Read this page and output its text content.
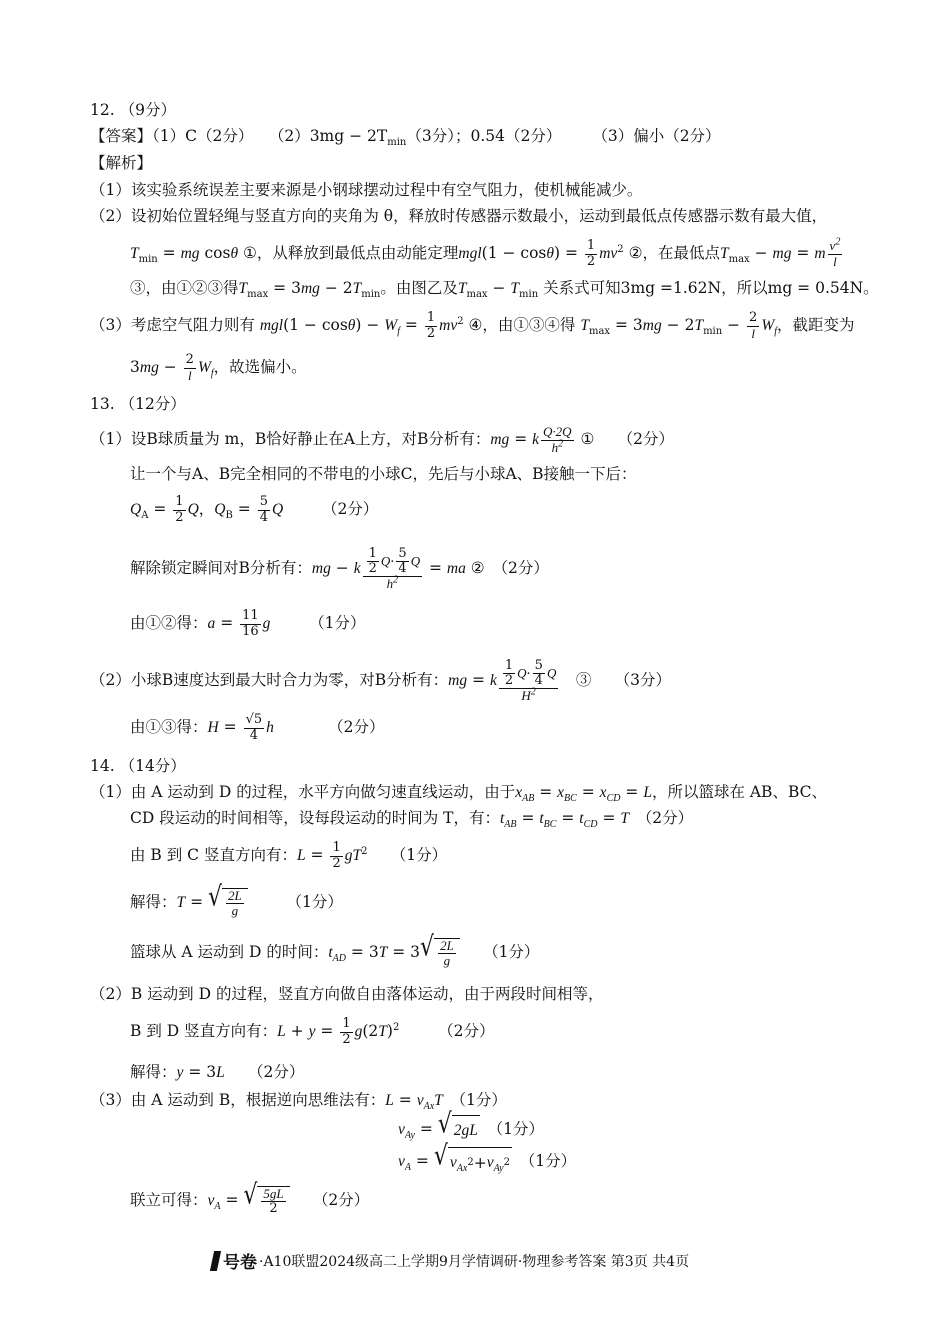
12. （9分）
【答案】（1）C（2分）　　$(2)3mg - 2T_{min}(3$分）；0.54（2分）　　　（3）偏小（2分）
【解析】
（1）该实验系统误差主要来源是小钢球摆动过程中有空气阻力，使机械能减少。
（2）设初始位置轻绳与竖直方向的夹角为 θ，释放时传感器示数最小，运动到最低点传感器示数有最大值，
$T_{min}$ = mg cosθ ①，从释放到最低点由动能定理$mgl(1 - \cos\theta) = \frac{1}{2} mv^2$ ②，在最低点$T_{max}$ − mg = m $\frac{v^2}{l}$
③，由①②③得$T_{max} = 3mg - 2T_{min}$。由图乙及$T_{max} - T_{min}$ 关系式可知3mg =1.62N，所以mg = 0.54N。
（3）考虑空气阻力则有 $mgl(1 - \cos\theta) - W_f = \frac{1}{2} mv^2$ ④，由①③④得 $T_{max} = 3mg - 2T_{min} - \frac{2}{l} W_f$，截距变为
$3mg - \frac{2}{l} W_f$，故选偏小。
13. （12分）
（1）设B球质量为 m，B恰好静止在A上方，对B分析有：mg = k $\frac{Q\cdot 2Q}{h^2}$ ①　　（2分）
让一个与A、B完全相同的不带电的小球C，先后与小球A、B接触一下后：
$Q_A = \frac{1}{2}$ Q，$Q_B = \frac{5}{4}$ Q　　　	（2分）
解除锁定瞬间对B分析有：mg − k $\frac{\frac{1}{2} Q\cdot \frac{5}{4} Q}{h^2}$ = ma ②　（2分）
由①②得：$a = \frac{11}{16}$ g　　　	（1分）
（2）小球B速度达到最大时合力为零，对B分析有：mg = k $\frac{\frac{1}{2} Q\cdot \frac{5}{4} Q}{H^2}$ 　③　　（3分）
由①③得：$H = \frac{√5}{4}$ h　　　　	（2分）
14. （14分）
（1）由 A 运动到 D 的过程，水平方向做匀速直线运动，由于$x_{AB} = x_{BC} = x_{CD} = L$，所以篮球在 AB、BC、
CD 段运动的时间相等，设每段运动的时间为 T，有：$t_{AB} = t_{BC} = t_{CD} = T$　 （2分）
由 B 到 C 竖直方向有：$L = \frac{1}{2} gT^2$　　 （1分）
解得：T = √ $\frac{2L}{g}$
　　　	（1分）
篮球从 A 运动到 D 的时间：$t_{AD} = 3T = 3$ √ $\frac{2L}{g}$
　　 （1分）
（2）B 运动到 D 的过程，竖直方向做自由落体运动，由于两段时间相等，
B 到 D 竖直方向有：$L + y = \frac{1}{2} g(2T)^2$　　　	（2分）
解得：y = 3L　　 （2分）
（3）由 A 运动到 B，根据逆向思维法有：$L = v_{Ax}T$　 （1分）
$v_{Ay}$ = √ 2gL
　 （1分）
$v_A$ = √ $v_{Ax}$
$2 + v_{Ay}$
2
　 （1分）
联立可得：$v_A$ = √ $\frac{5gL}{2}$
　　 （2分）
号卷 ·A10联盟2024级高二上学期9月学情调研·物理参考答案 第3页 共4页
